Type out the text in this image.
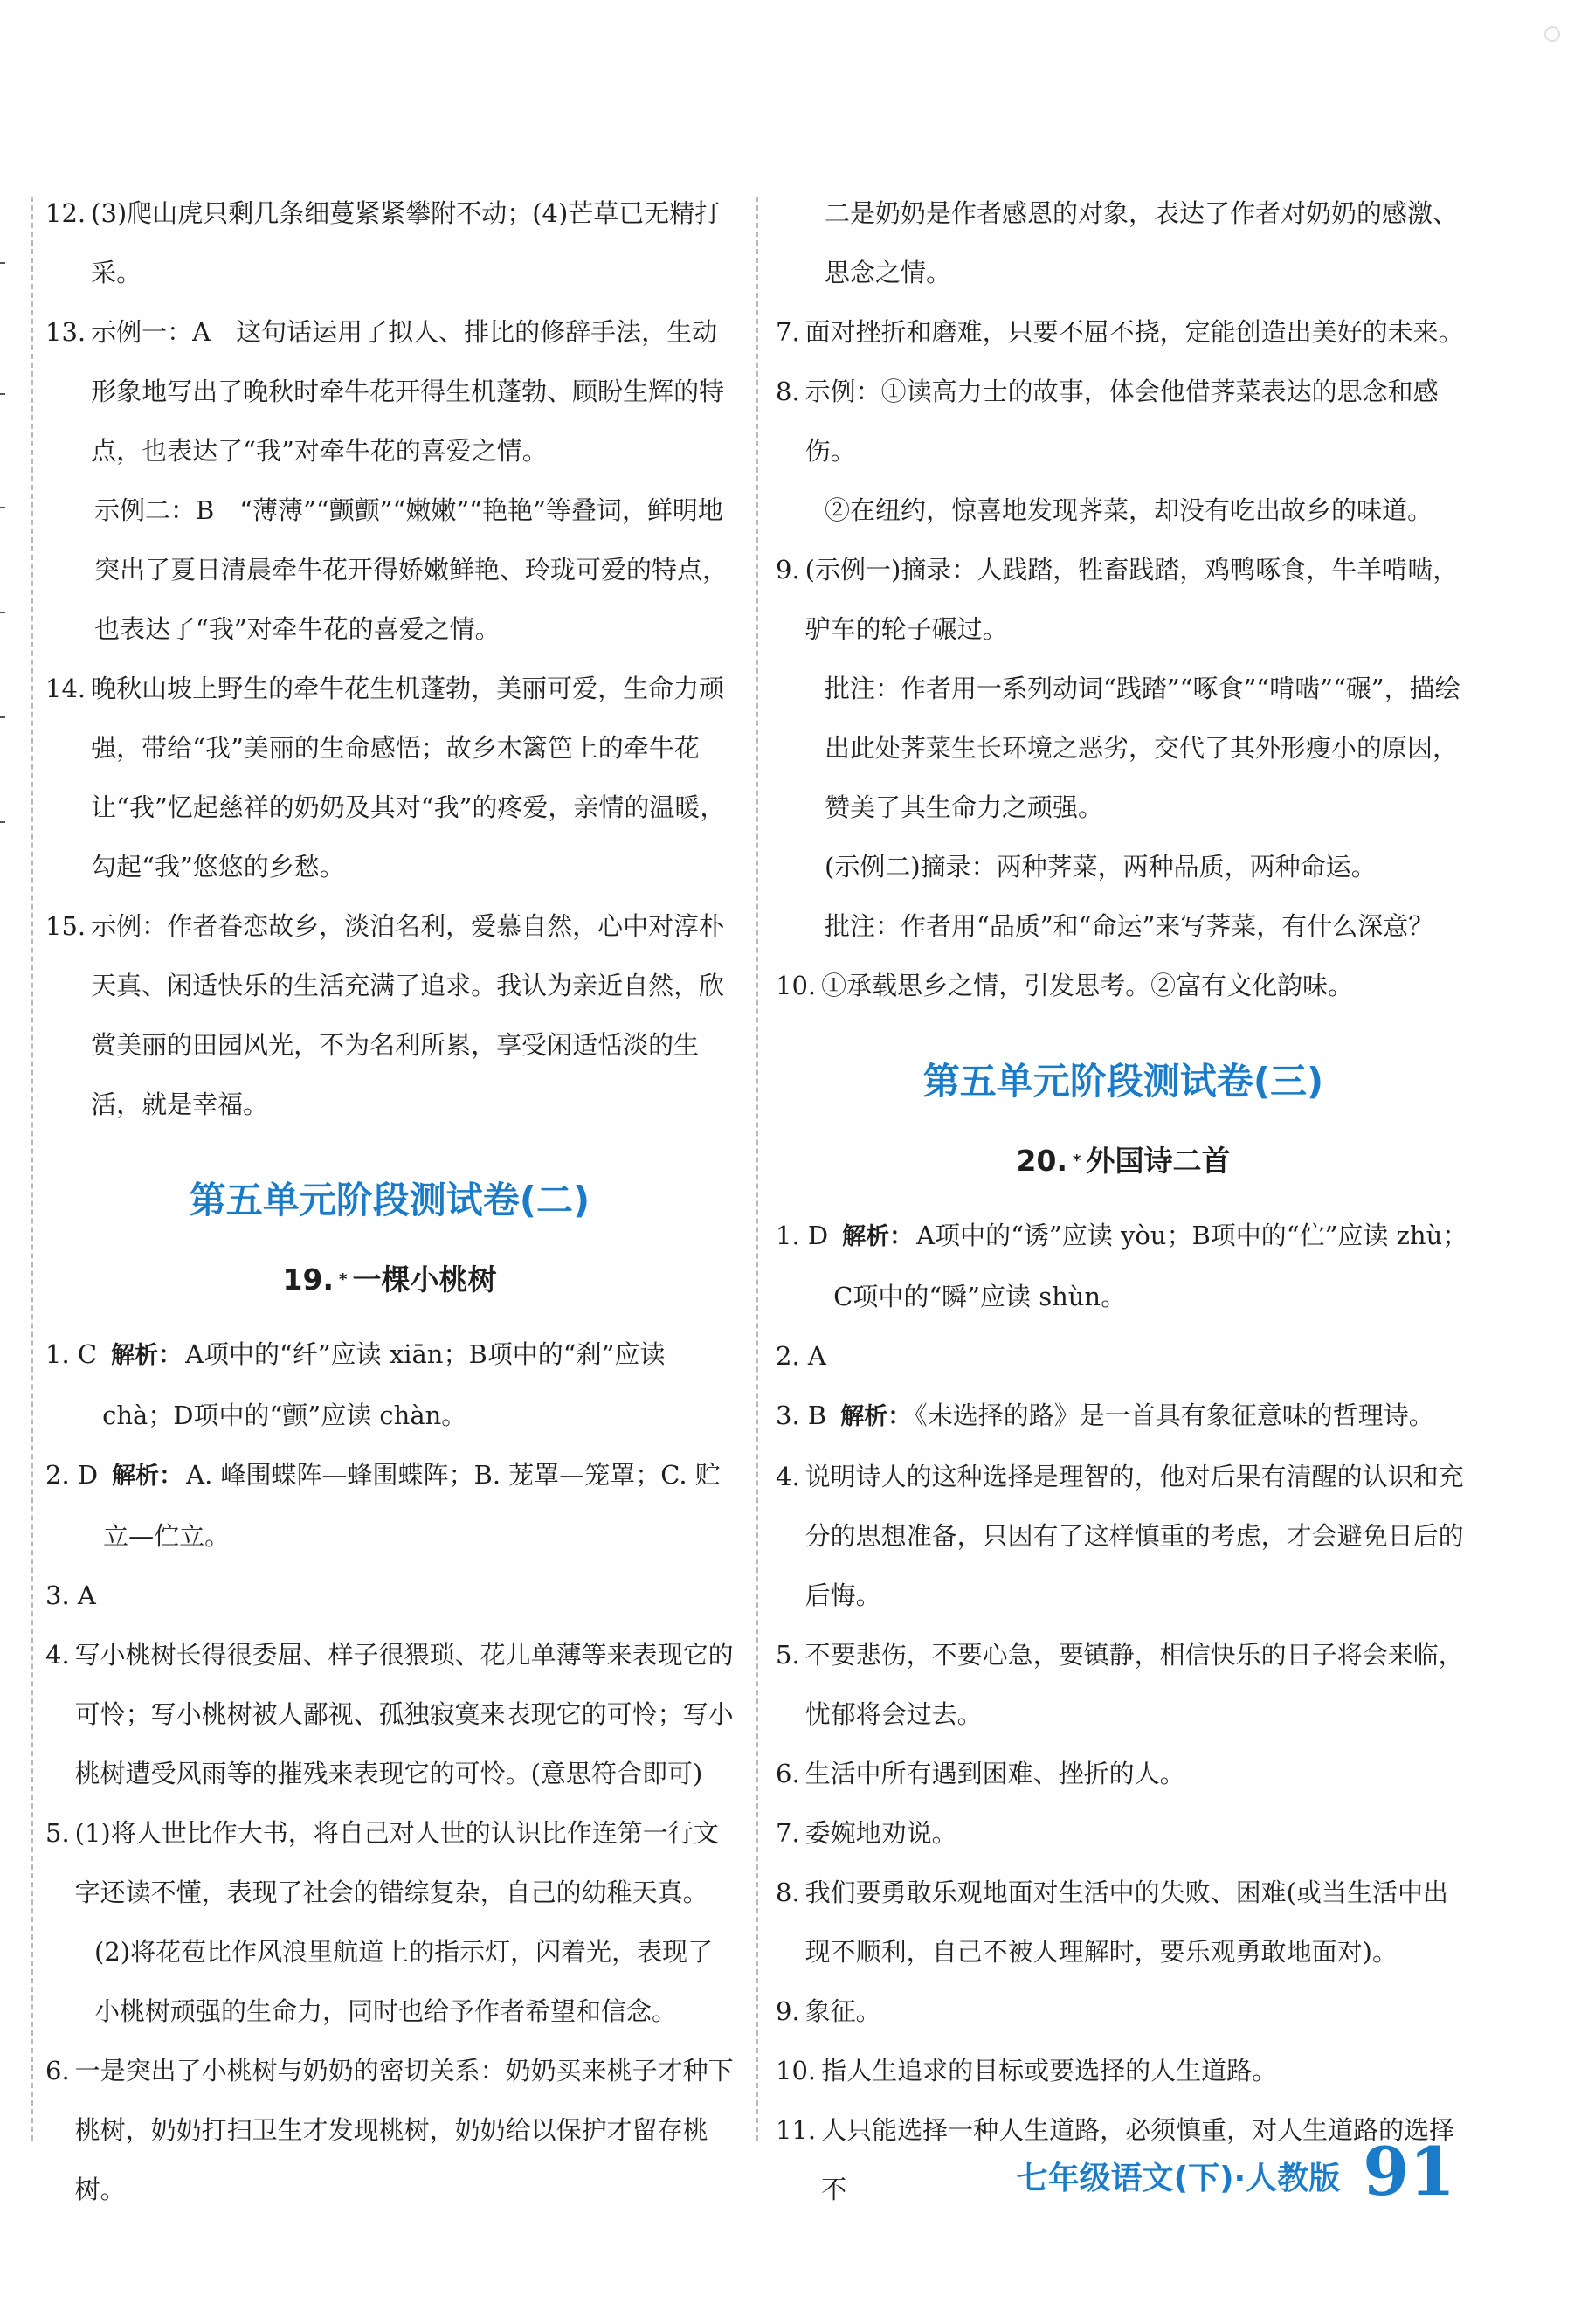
12. (3)爬山虎只剩几条细蔓紧紧攀附不动；(4)芒草已无精打采。

13. 示例一：A　这句话运用了拟人、排比的修辞手法，生动形象地写出了晚秋时牵牛花开得生机蓬勃、顾盼生辉的特点，也表达了“我”对牵牛花的喜爱之情。

示例二：B　“薄薄”“颤颤”“嫩嫩”“艳艳”等叠词，鲜明地突出了夏日清晨牵牛花开得娇嫩鲜艳、玲珑可爱的特点，也表达了“我”对牵牛花的喜爱之情。

14. 晚秋山坡上野生的牵牛花生机蓬勃，美丽可爱，生命力顽强，带给“我”美丽的生命感悟；故乡木篱笆上的牵牛花让“我”忆起慈祥的奶奶及其对“我”的疼爱，亲情的温暖，勾起“我”悠悠的乡愁。

15. 示例：作者眷恋故乡，淡泊名利，爱慕自然，心中对淳朴天真、闲适快乐的生活充满了追求。我认为亲近自然，欣赏美丽的田园风光，不为名利所累，享受闲适恬淡的生活，就是幸福。

第五单元阶段测试卷(二)
19. * 一棵小桃树

1. C 解析： A项中的“纤”应读 xiān；B项中的“刹”应读 chà；D项中的“颤”应读 chàn。

2. D 解析： A. 峰围蝶阵—蜂围蝶阵；B. 茏罩—笼罩；C. 贮立—伫立。

3. A

4. 写小桃树长得很委屈、样子很猥琐、花儿单薄等来表现它的可怜；写小桃树被人鄙视、孤独寂寞来表现它的可怜；写小桃树遭受风雨等的摧残来表现它的可怜。(意思符合即可)

5. (1)将人世比作大书，将自己对人世的认识比作连第一行文字还读不懂，表现了社会的错综复杂，自己的幼稚天真。

(2)将花苞比作风浪里航道上的指示灯，闪着光，表现了小桃树顽强的生命力，同时也给予作者希望和信念。

6. 一是突出了小桃树与奶奶的密切关系：奶奶买来桃子才种下桃树，奶奶打扫卫生才发现桃树，奶奶给以保护才留存桃树。

二是奶奶是作者感恩的对象，表达了作者对奶奶的感激、思念之情。

7. 面对挫折和磨难，只要不屈不挠，定能创造出美好的未来。

8. 示例：①读高力士的故事，体会他借荠菜表达的思念和感伤。

②在纽约，惊喜地发现荠菜，却没有吃出故乡的味道。

9. (示例一)摘录：人践踏，牲畜践踏，鸡鸭啄食，牛羊啃啮，驴车的轮子碾过。

批注：作者用一系列动词“践踏”“啄食”“啃啮”“碾”，描绘出此处荠菜生长环境之恶劣，交代了其外形瘦小的原因，赞美了其生命力之顽强。

(示例二)摘录：两种荠菜，两种品质，两种命运。

批注：作者用“品质”和“命运”来写荠菜，有什么深意？

10. ①承载思乡之情，引发思考。②富有文化韵味。

第五单元阶段测试卷(三)
20. * 外国诗二首

1. D 解析： A项中的“诱”应读 yòu；B项中的“伫”应读 zhù；C项中的“瞬”应读 shùn。

2. A

3. B 解析： 《未选择的路》是一首具有象征意味的哲理诗。

4. 说明诗人的这种选择是理智的，他对后果有清醒的认识和充分的思想准备，只因有了这样慎重的考虑，才会避免日后的后悔。

5. 不要悲伤，不要心急，要镇静，相信快乐的日子将会来临，忧郁将会过去。

6. 生活中所有遇到困难、挫折的人。

7. 委婉地劝说。

8. 我们要勇敢乐观地面对生活中的失败、困难(或当生活中出现不顺利，自己不被人理解时，要乐观勇敢地面对)。

9. 象征。

10. 指人生追求的目标或要选择的人生道路。

11. 人只能选择一种人生道路，必须慎重，对人生道路的选择不	七年级语文(下)·人教版 91
